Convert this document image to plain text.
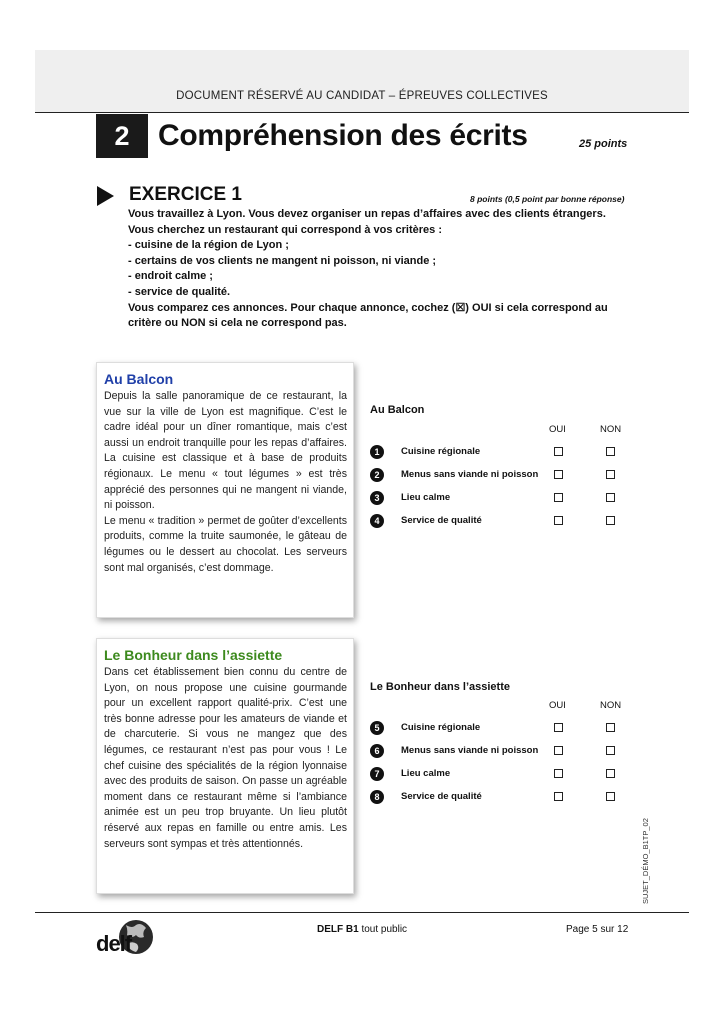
DOCUMENT RÉSERVÉ AU CANDIDAT – ÉPREUVES COLLECTIVES
2 Compréhension des écrits	25 points
EXERCICE 1	8 points (0,5 point par bonne réponse)
Vous travaillez à Lyon. Vous devez organiser un repas d’affaires avec des clients étrangers.
Vous cherchez un restaurant qui correspond à vos critères :
- cuisine de la région de Lyon ;
- certains de vos clients ne mangent ni poisson, ni viande ;
- endroit calme ;
- service de qualité.
Vous comparez ces annonces. Pour chaque annonce, cochez (☒) OUI si cela correspond au
critère ou NON si cela ne correspond pas.
Au Balcon

Depuis la salle panoramique de ce restaurant, la vue sur la ville de Lyon est magnifique. C’est le cadre idéal pour un dîner romantique, mais c’est aussi un endroit tranquille pour les repas d’affaires. La cuisine est classique et à base de produits régionaux. Le menu « tout légumes » est très apprécié des personnes qui ne mangent ni viande, ni poisson.

Le menu « tradition » permet de goûter d’excellents produits, comme la truite saumonée, le gâteau de légumes ou le dessert au chocolat. Les serveurs sont mal organisés, c’est dommage.

Le Bonheur dans l’assiette

Dans cet établissement bien connu du centre de Lyon, on nous propose une cuisine gourmande pour un excellent rapport qualité-prix. C’est une très bonne adresse pour les amateurs de viande et de charcuterie. Si vous ne mangez que des légumes, ce restaurant n’est pas pour vous ! Le chef cuisine des spécialités de la région lyonnaise avec des produits de saison. On passe un agréable moment dans ce restaurant même si l’ambiance animée est un peu trop bruyante. Un lieu plutôt réservé aux repas en famille ou entre amis. Les serveurs sont sympas et très attentionnés.

Au Balcon
OUI	NON
1	Cuisine régionale
2	Menus sans viande ni poisson
3	Lieu calme
4	Service de qualité
Le Bonheur dans l’assiette
OUI	NON
5	Cuisine régionale
6	Menus sans viande ni poisson
7	Lieu calme
8	Service de qualité
SUJET_DÉMO_B1TP_02
delf
DELF B1 tout public	Page 5 sur 12
